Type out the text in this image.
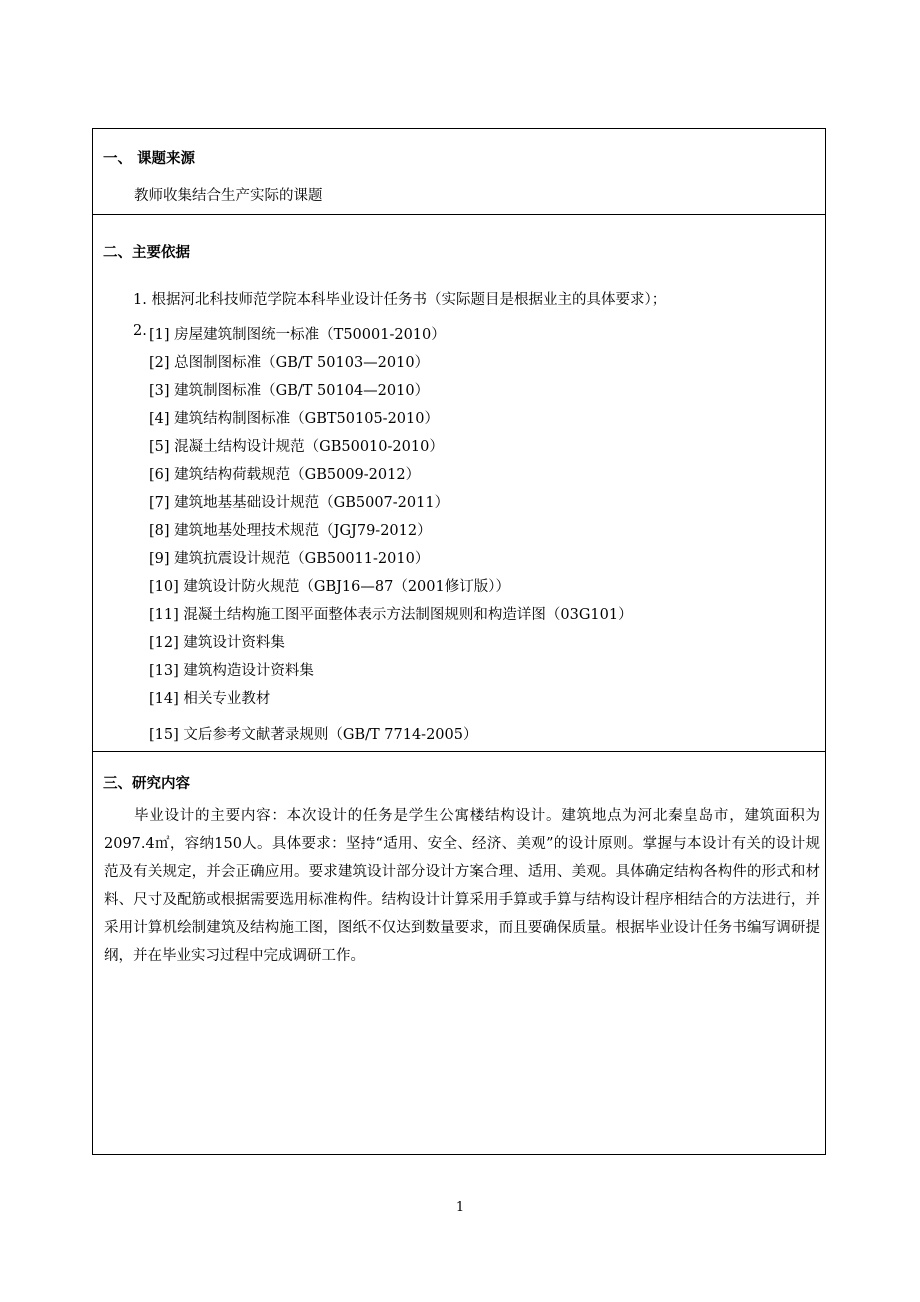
一、 课题来源
教师收集结合生产实际的课题
二、主要依据
1. 根据河北科技师范学院本科毕业设计任务书（实际题目是根据业主的具体要求）；
2. [1] 房屋建筑制图统一标准（T50001-2010）
[2] 总图制图标准（GB/T 50103—2010）
[3] 建筑制图标准（GB/T 50104—2010）
[4] 建筑结构制图标准（GBT50105-2010）
[5] 混凝土结构设计规范（GB50010-2010）
[6] 建筑结构荷载规范（GB5009-2012）
[7] 建筑地基基础设计规范（GB5007-2011）
[8] 建筑地基处理技术规范（JGJ79-2012）
[9] 建筑抗震设计规范（GB50011-2010）
[10] 建筑设计防火规范（GBJ16—87（2001修订版））
[11] 混凝土结构施工图平面整体表示方法制图规则和构造详图（03G101）
[12] 建筑设计资料集
[13] 建筑构造设计资料集
[14] 相关专业教材
[15] 文后参考文献著录规则（GB/T 7714-2005）
三、研究内容
毕业设计的主要内容：本次设计的任务是学生公寓楼结构设计。建筑地点为河北秦皇岛市，建筑面积为2097.4㎡，容纳150人。具体要求：坚持“适用、安全、经济、美观”的设计原则。掌握与本设计有关的设计规范及有关规定，并会正确应用。要求建筑设计部分设计方案合理、适用、美观。具体确定结构各构件的形式和材料、尺寸及配筋或根据需要选用标准构件。结构设计计算采用手算或手算与结构设计程序相结合的方法进行，并采用计算机绘制建筑及结构施工图，图纸不仅达到数量要求，而且要确保质量。根据毕业设计任务书编写调研提纲，并在毕业实习过程中完成调研工作。
1
